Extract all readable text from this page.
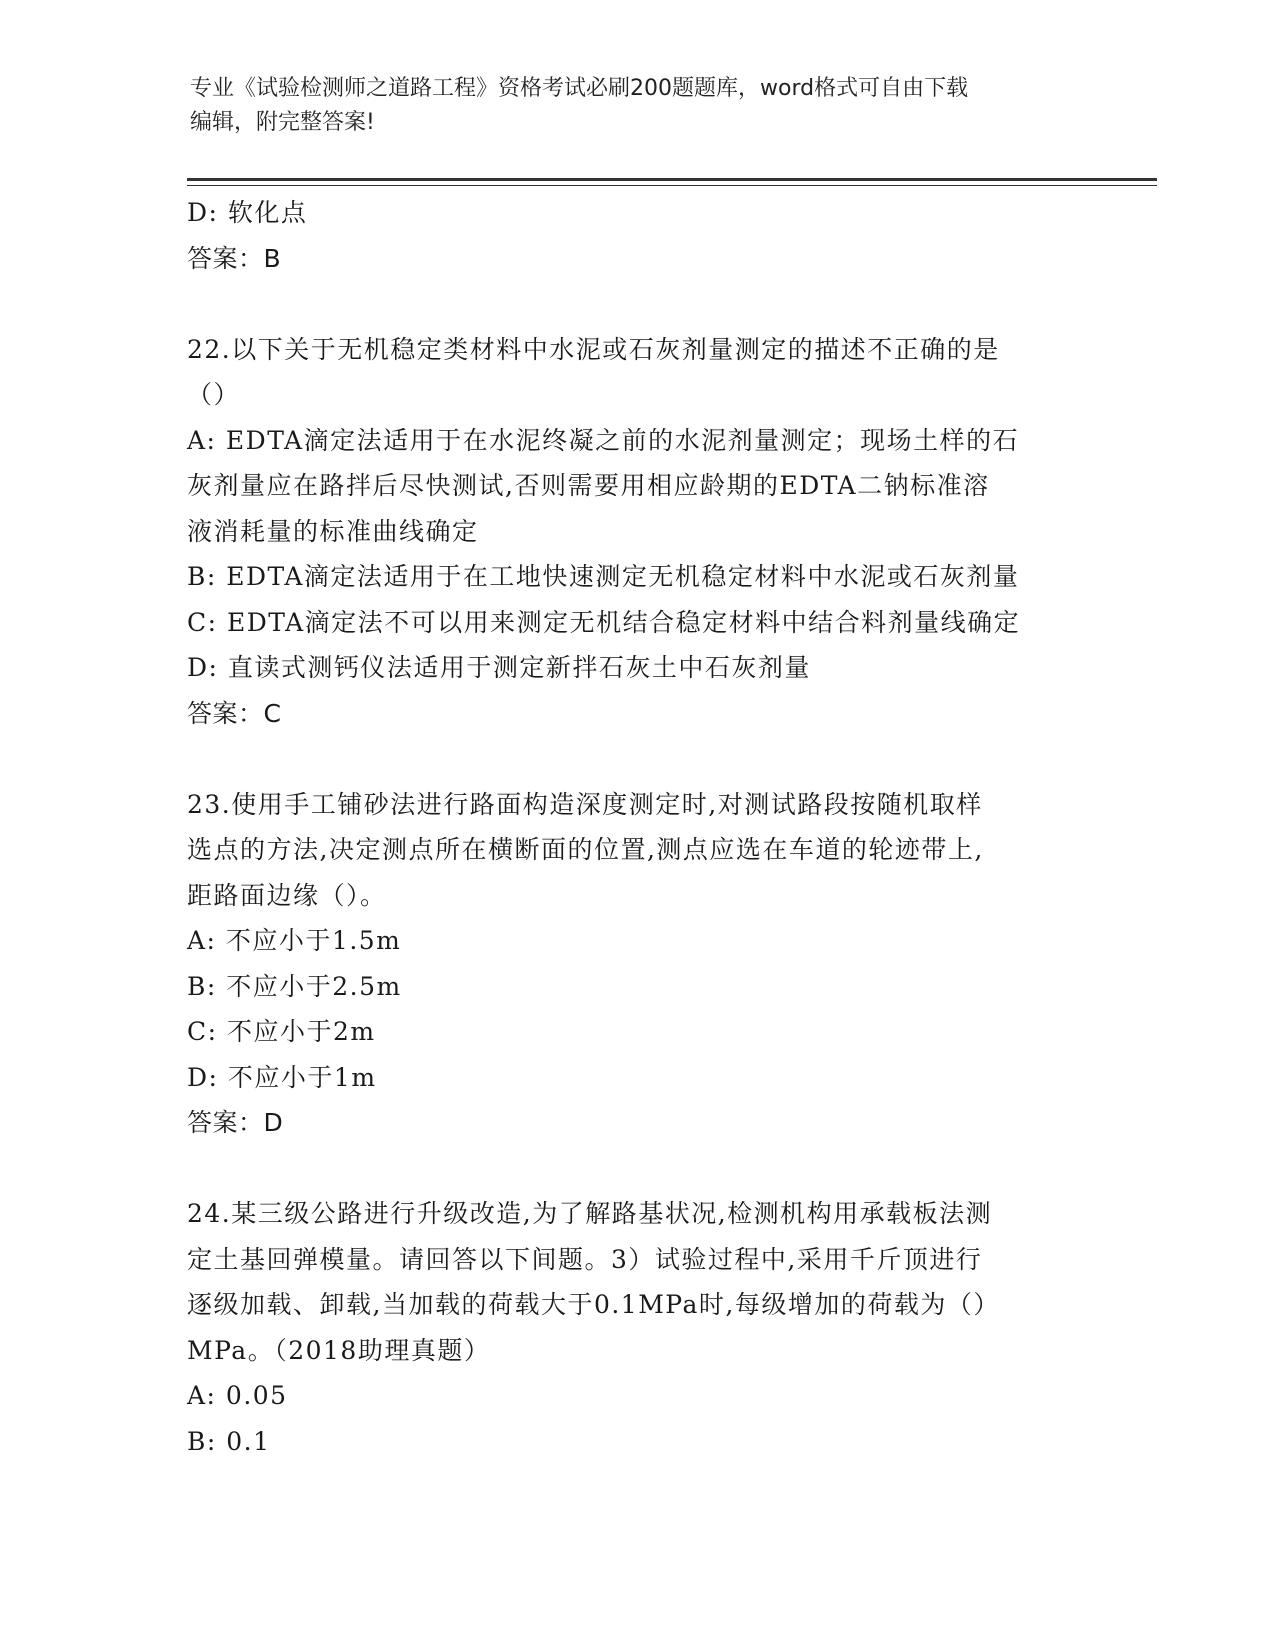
专业《试验检测师之道路工程》资格考试必刷200题题库，word格式可自由下载
编辑，附完整答案!
D: 软化点
答案：B
22.以下关于无机稳定类材料中水泥或石灰剂量测定的描述不正确的是
（）
A: EDTA滴定法适用于在水泥终凝之前的水泥剂量测定；现场土样的石
灰剂量应在路拌后尽快测试,否则需要用相应龄期的EDTA二钠标准溶
液消耗量的标准曲线确定
B: EDTA滴定法适用于在工地快速测定无机稳定材料中水泥或石灰剂量
C: EDTA滴定法不可以用来测定无机结合稳定材料中结合料剂量线确定
D: 直读式测钙仪法适用于测定新拌石灰土中石灰剂量
答案：C
23.使用手工铺砂法进行路面构造深度测定时,对测试路段按随机取样
选点的方法,决定测点所在横断面的位置,测点应选在车道的轮迹带上,
距路面边缘（）。
A: 不应小于1.5m
B: 不应小于2.5m
C: 不应小于2m
D: 不应小于1m
答案：D
24.某三级公路进行升级改造,为了解路基状况,检测机构用承载板法测
定土基回弹模量。请回答以下间题。3）试验过程中,采用千斤顶进行
逐级加载、卸载,当加载的荷载大于0.1MPa时,每级增加的荷载为（）
MPa。（2018助理真题）
A: 0.05
B: 0.1
